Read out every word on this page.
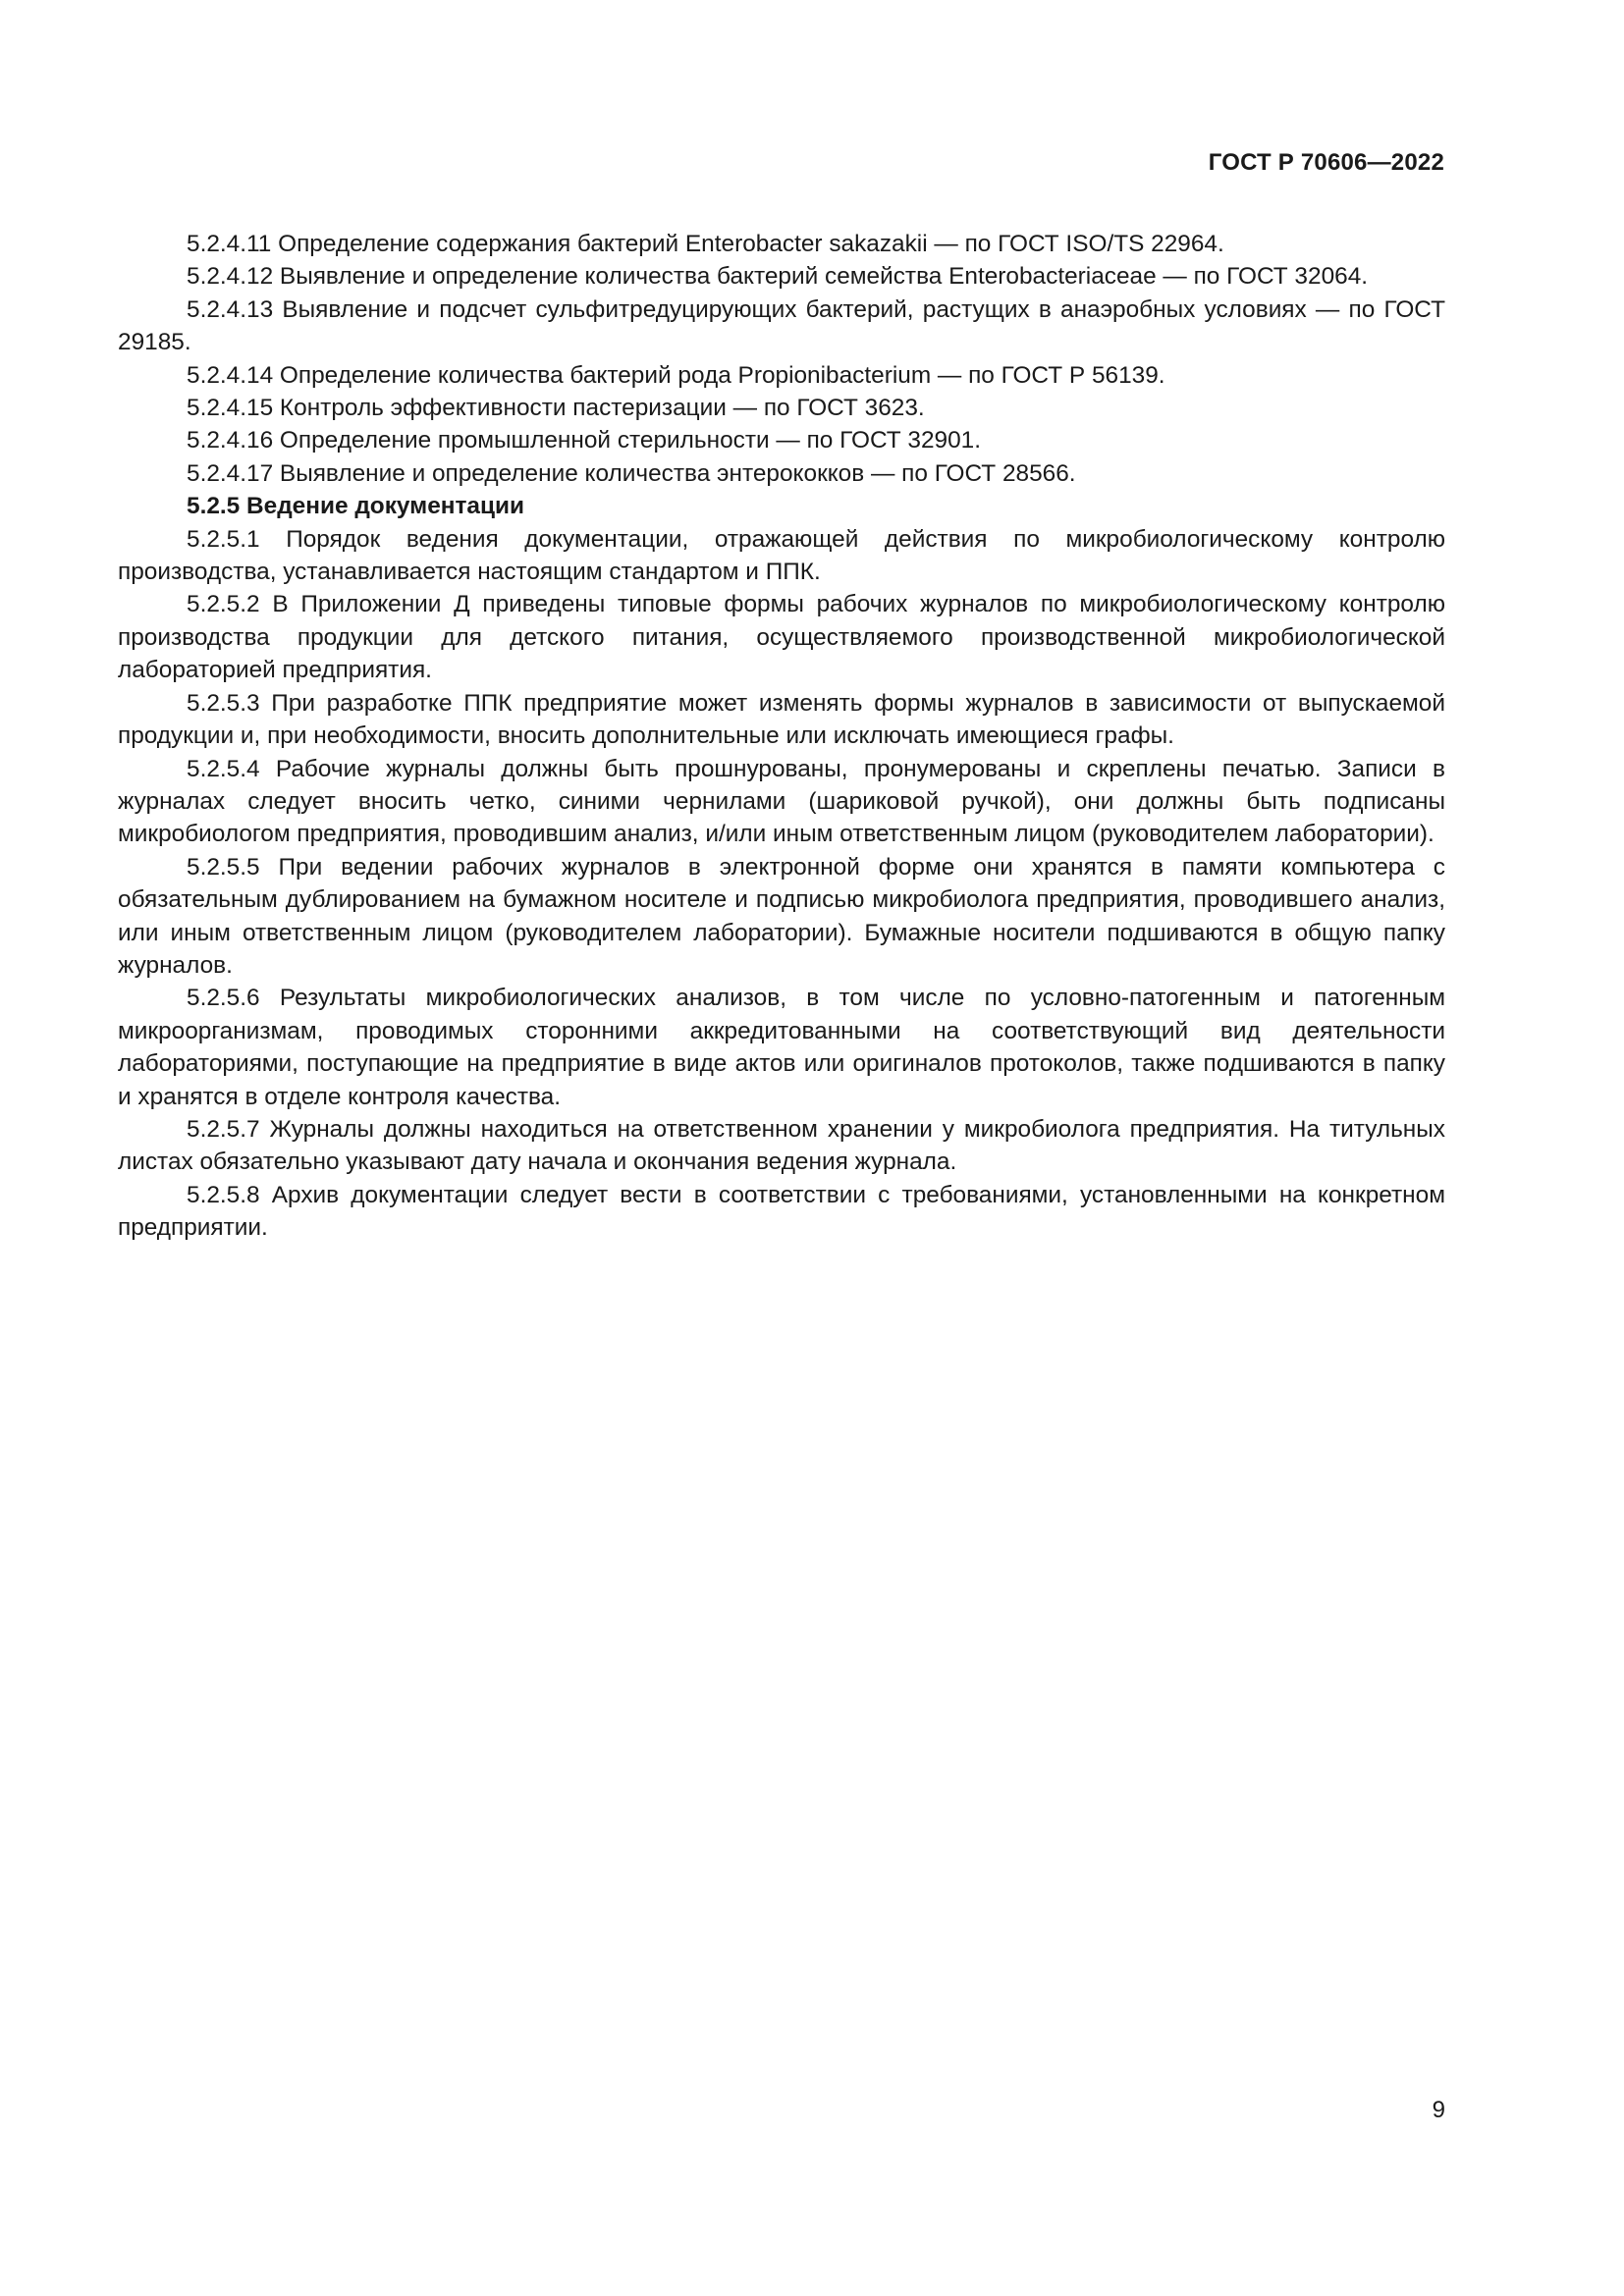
ГОСТ Р 70606—2022

5.2.4.11 Определение содержания бактерий Enterobacter sakazakii — по ГОСТ ISO/TS 22964.

5.2.4.12 Выявление и определение количества бактерий семейства Enterobacteriaceae — по ГОСТ 32064.

5.2.4.13 Выявление и подсчет сульфитредуцирующих бактерий, растущих в анаэробных условиях — по ГОСТ 29185.

5.2.4.14 Определение количества бактерий рода Propionibacterium — по ГОСТ Р 56139.

5.2.4.15 Контроль эффективности пастеризации — по ГОСТ 3623.

5.2.4.16 Определение промышленной стерильности — по ГОСТ 32901.

5.2.4.17 Выявление и определение количества энтерококков — по ГОСТ 28566.

5.2.5 Ведение документации

5.2.5.1 Порядок ведения документации, отражающей действия по микробиологическому контролю производства, устанавливается настоящим стандартом и ППК.

5.2.5.2 В Приложении Д приведены типовые формы рабочих журналов по микробиологическому контролю производства продукции для детского питания, осуществляемого производственной микробиологической лабораторией предприятия.

5.2.5.3 При разработке ППК предприятие может изменять формы журналов в зависимости от выпускаемой продукции и, при необходимости, вносить дополнительные или исключать имеющиеся графы.

5.2.5.4 Рабочие журналы должны быть прошнурованы, пронумерованы и скреплены печатью. Записи в журналах следует вносить четко, синими чернилами (шариковой ручкой), они должны быть подписаны микробиологом предприятия, проводившим анализ, и/или иным ответственным лицом (руководителем лаборатории).

5.2.5.5 При ведении рабочих журналов в электронной форме они хранятся в памяти компьютера с обязательным дублированием на бумажном носителе и подписью микробиолога предприятия, проводившего анализ, или иным ответственным лицом (руководителем лаборатории). Бумажные носители подшиваются в общую папку журналов.

5.2.5.6 Результаты микробиологических анализов, в том числе по условно-патогенным и патогенным микроорганизмам, проводимых сторонними аккредитованными на соответствующий вид деятельности лабораториями, поступающие на предприятие в виде актов или оригиналов протоколов, также подшиваются в папку и хранятся в отделе контроля качества.

5.2.5.7 Журналы должны находиться на ответственном хранении у микробиолога предприятия. На титульных листах обязательно указывают дату начала и окончания ведения журнала.

5.2.5.8 Архив документации следует вести в соответствии с требованиями, установленными на конкретном предприятии.

9
